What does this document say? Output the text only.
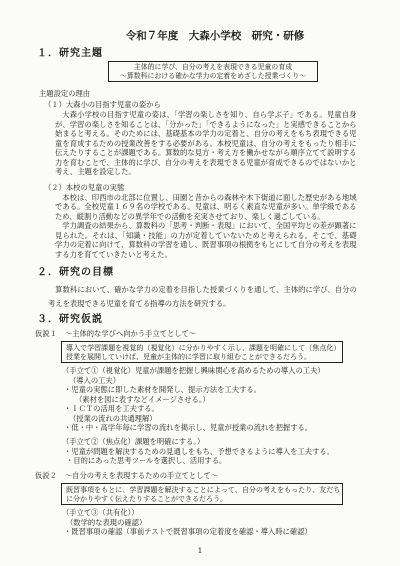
令和７年度　大森小学校　研究・研修
１．研究主題
主体的に学び、自分の考えを表現できる児童の育成
～算数科における確かな学力の定着をめざした授業づくり～
主題設定の理由
（１）大森小の目指す児童の姿から

大森小学校の目指す児童の姿は、「学習の楽しさを知り、自ら学ぶ子」である。児童自身が、学習の楽しさを知ることは、「分かった」「できるようになった」と実感できることから始まると考える。そのためには、基礎基本の学力の定着と、自分の考えをもち表現できる児童を育成するための授業改善をする必要がある。本校児童は、自分の考えをもったり相手に伝えたりすることが課題である。算数的な見方・考え方を働かせながら順序立てて説明する力を育むことで、主体的に学び、自分の考えを表現できる児童が育成できるのではないかと考え、主題を設定した。

（２）本校の児童の実態

本校は、印西市の北部に位置し、田園と昔からの森林や木下街道に面した歴史がある地域である。全校児童１６９名の学校である。児童は、明るく素直な児童が多い。単学級であるため、縦割り活動などの異学年での活動を充実させており、楽しく過ごしている。

学力調査の結果から、算数科の「思考・判断・表現」において、全国平均との差が顕著に見られた。それは、「知識・技能」の力が定着していないためと考えられる。そこで、基礎学力の定着に向けて、算数科の学習を通し、既習事項の根拠をもとにして自分の考えを表現する力を育てていきたいと考えた。

２．研究の目標

算数科において、確かな学力の定着を目指した授業づくりを通して、主体的に学び、自分の考えを表現できる児童を育てる指導の方法を研究する。

３．研究仮説
仮説１ ～主体的な学びへ向かう手立てとして～

導入で学習課題を視覚的（視覚化）に分かりやすく示し、課題を明確にして（焦点化）授業を展開していけば、児童が主体的に学習に取り組むことができるだろう。

（手立て①（視覚化）児童が課題を把握し興味関心を高めるための導入の工夫）
（導入の工夫）
・児童の実態に即した素材を開発し、提示方法を工夫する。
（素材を図に表すなどイメージさせる。）
・ＩＣＴの活用を工夫する。
（授業の流れの共通理解）
・低・中・高学年毎に学習の流れを掲示し、児童が授業の流れを把握する。
（手立て②（焦点化）課題を明確にする。）
・児童が問題を解決するための見通しをもち、予想できるように導入を工夫する。
・目的にあった思考ツールを選択し、活用する。
仮説２ ～自分の考えを表現するための手立てとして～

既習事項をもとに、学習課題を解決することによって、自分の考えをもったり、友だちに分かりやすく伝えたりすることができるだろう。

（手立て③（共有化））
（数学的な表現の確認）
・既習事項の確認（事前テストで既習事項の定着度を確認・導入時に確認）
1
